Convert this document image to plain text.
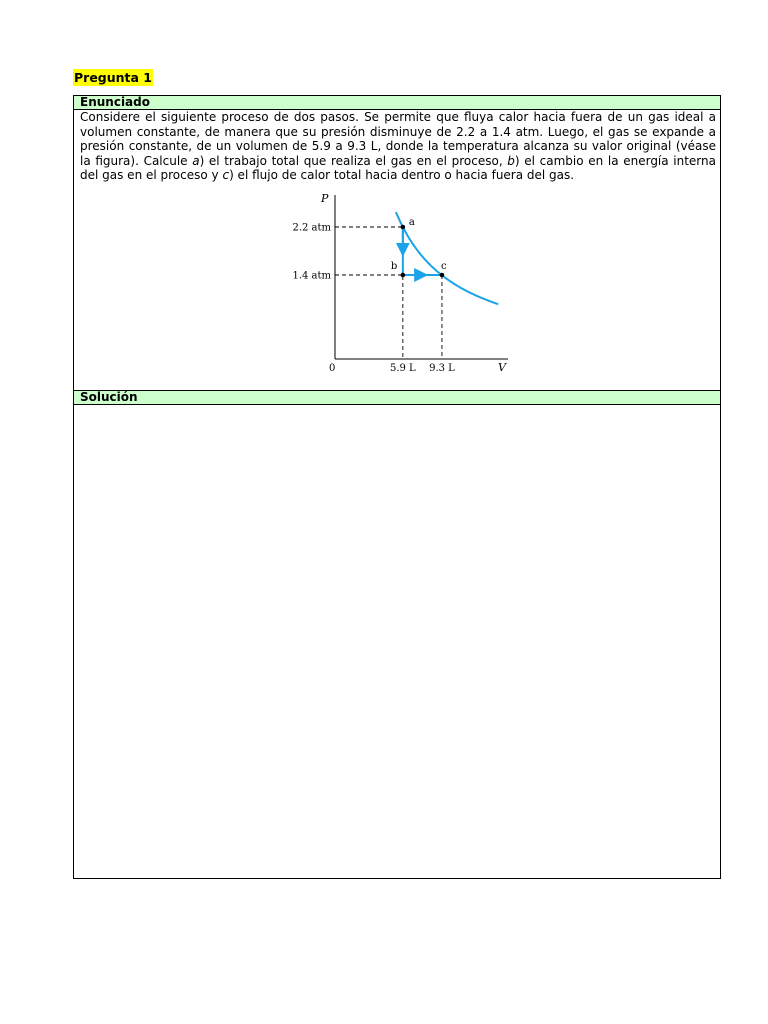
Pregunta 1
Enunciado
Considere el siguiente proceso de dos pasos. Se permite que fluya calor hacia fuera de un gas ideal a volumen constante, de manera que su presión disminuye de 2.2 a 1.4 atm. Luego, el gas se expande a presión constante, de un volumen de 5.9 a 9.3 L, donde la temperatura alcanza su valor original (véase la figura). Calcule a) el trabajo total que realiza el gas en el proceso, b) el cambio en la energía interna del gas en el proceso y c) el flujo de calor total hacia dentro o hacia fuera del gas.
P
V
0
2.2 atm
1.4 atm
5.9 L 9.3 L
a
b	c
Solución
